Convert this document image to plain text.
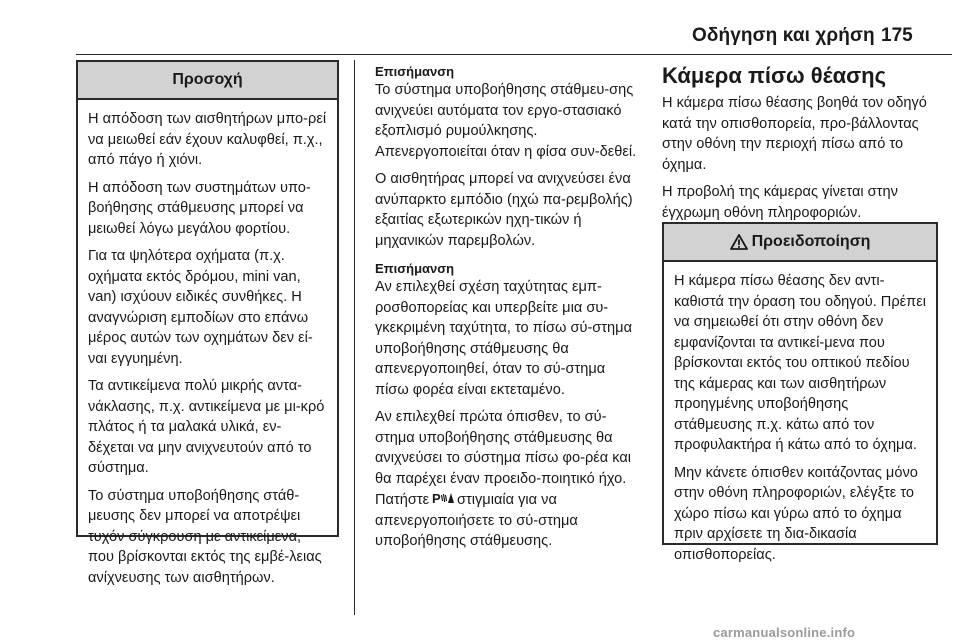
Οδήγηση και χρήση 175
Προσοχή

Η απόδοση των αισθητήρων μπο-ρεί να μειωθεί εάν έχουν καλυφθεί, π.χ., από πάγο ή χιόνι.

Η απόδοση των συστημάτων υπο-βοήθησης στάθμευσης μπορεί να μειωθεί λόγω μεγάλου φορτίου.

Για τα ψηλότερα οχήματα (π.χ. οχήματα εκτός δρόμου, mini van, van) ισχύουν ειδικές συνθήκες. Η αναγνώριση εμποδίων στο επάνω μέρος αυτών των οχημάτων δεν εί-ναι εγγυημένη.

Τα αντικείμενα πολύ μικρής αντα-νάκλασης, π.χ. αντικείμενα με μι-κρό πλάτος ή τα μαλακά υλικά, εν-δέχεται να μην ανιχνευτούν από το σύστημα.

Το σύστημα υποβοήθησης στάθ-μευσης δεν μπορεί να αποτρέψει τυχόν σύγκρουση με αντικείμενα, που βρίσκονται εκτός της εμβέ-λειας ανίχνευσης των αισθητήρων.

Επισήμανση

Το σύστημα υποβοήθησης στάθμευ-σης ανιχνεύει αυτόματα τον εργο-στασιακό εξοπλισμό ρυμούλκησης. Απενεργοποιείται όταν η φίσα συν-δεθεί.

Ο αισθητήρας μπορεί να ανιχνεύσει ένα ανύπαρκτο εμπόδιο (ηχώ πα-ρεμβολής) εξαιτίας εξωτερικών ηχη-τικών ή μηχανικών παρεμβολών.

Επισήμανση

Αν επιλεχθεί σχέση ταχύτητας εμπ-ροσθοπορείας και υπερβείτε μια συ-γκεκριμένη ταχύτητα, το πίσω σύ-στημα υποβοήθησης στάθμευσης θα απενεργοποιηθεί, όταν το σύ-στημα πίσω φορέα είναι εκτεταμένο.

Αν επιλεχθεί πρώτα όπισθεν, το σύ-στημα υποβοήθησης στάθμευσης θα ανιχνεύσει το σύστημα πίσω φο-ρέα και θα παρέχει έναν προειδο-ποιητικό ήχο. Πατήστε  P
  στιγμιαία για να απενεργοποιήσετε το σύ-στημα υποβοήθησης στάθμευσης.

Κάμερα πίσω θέασης

Η κάμερα πίσω θέασης βοηθά τον οδηγό κατά την οπισθοπορεία, προ-βάλλοντας στην οθόνη την περιοχή πίσω από το όχημα.

Η προβολή της κάμερας γίνεται στην έγχρωμη οθόνη πληροφοριών.

Προειδοποίηση

Η κάμερα πίσω θέασης δεν αντι-καθιστά την όραση του οδηγού. Πρέπει να σημειωθεί ότι στην οθόνη δεν εμφανίζονται τα αντικεί-μενα που βρίσκονται εκτός του οπτικού πεδίου της κάμερας και των αισθητήρων προηγμένης υποβοήθησης στάθμευσης π.χ. κάτω από τον προφυλακτήρα ή κάτω από το όχημα.

Μην κάνετε όπισθεν κοιτάζοντας μόνο στην οθόνη πληροφοριών, ελέγξτε το χώρο πίσω και γύρω από το όχημα πριν αρχίσετε τη δια-δικασία οπισθοπορείας.

carmanualsonline.info
